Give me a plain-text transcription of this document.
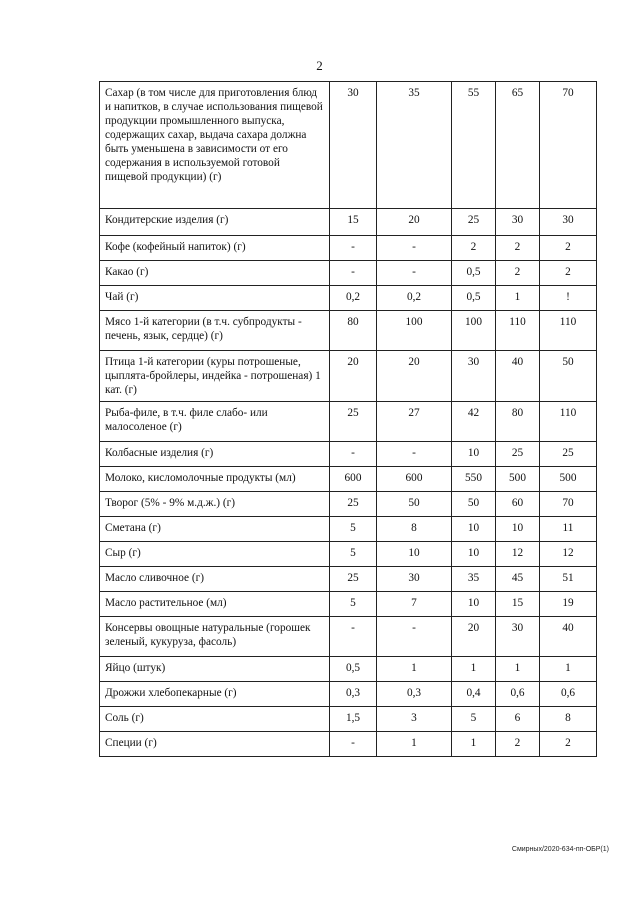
2
Сахар (в том числе для приготовления блюд и напитков, в случае использования пищевой продукции промышленного выпуска, содержащих сахар, выдача сахара должна быть уменьшена в зависимости от его содержания в используемой готовой пищевой продукции) (г)	30	35	55	65	70
Кондитерские изделия (г)	15	20	25	30	30
Кофе (кофейный напиток) (г)	-	-	2	2	2
Какао (г)	-	-	0,5	2	2
Чай (г)	0,2	0,2	0,5	1	!
Мясо 1-й категории (в т.ч. субпродукты - печень, язык, сердце) (г)	80	100	100	110	110
Птица 1-й категории (куры потрошеные, цыплята-бройлеры, индейка - потрошеная) 1 кат. (г)	20	20	30	40	50
Рыба-филе, в т.ч. филе слабо- или малосоленое (г)	25	27	42	80	110
Колбасные изделия (г)	-	-	10	25	25
Молоко, кисломолочные продукты (мл)	600	600	550	500	500
Творог (5% - 9% м.д.ж.) (г)	25	50	50	60	70
Сметана (г)	5	8	10	10	11
Сыр (г)	5	10	10	12	12
Масло сливочное (г)	25	30	35	45	51
Масло растительное (мл)	5	7	10	15	19
Консервы овощные натуральные (горошек зеленый, кукуруза, фасоль)	-	-	20	30	40
Яйцо (штук)	0,5	1	1	1	1
Дрожжи хлебопекарные (г)	0,3	0,3	0,4	0,6	0,6
Соль (г)	1,5	3	5	6	8
Специи (г)	-	1	1	2	2
Смирных/2020-634-пп-ОБР(1)
